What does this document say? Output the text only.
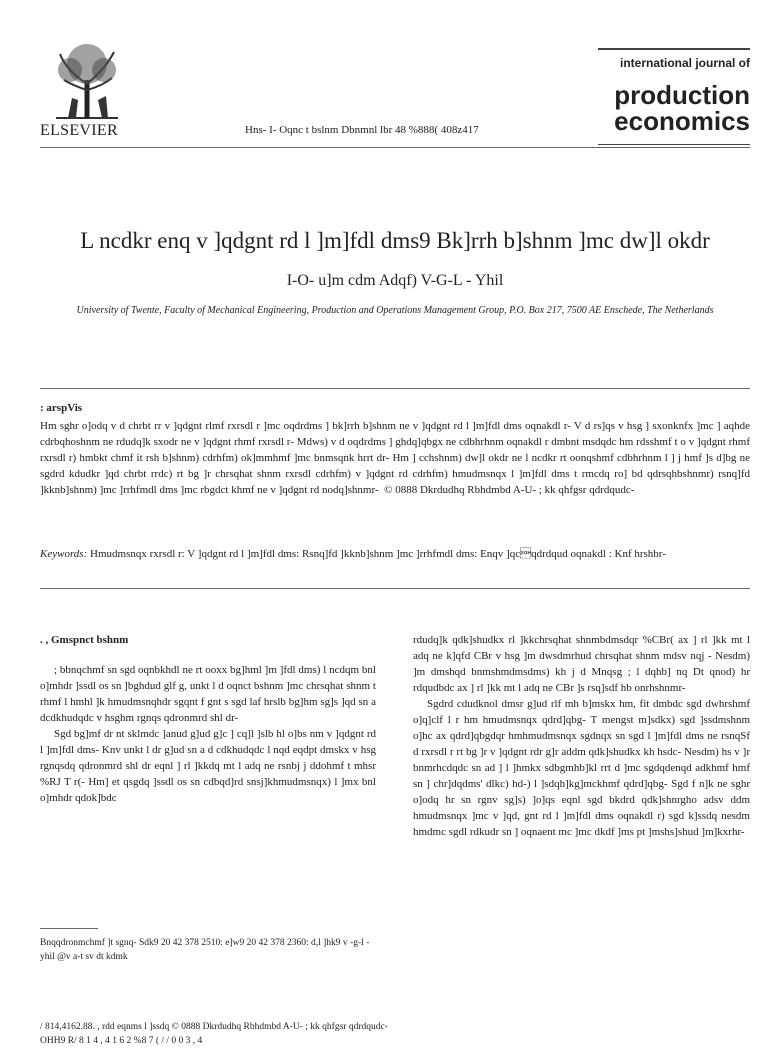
ELSEVIER	Hns- I- Oqnc t bslnm Dbnmnl lbr 48 %888( 408z417
international journal of
production
economics
L ncdkr enq v ]qdgnt rd l ]m]fdl dms9 Bk]rrh b]shnm ]mc dw]l okdr
I-O- u]m cdm Adqf) V-G-L - Yhil
University of Twente, Faculty of Mechanical Engineering, Production and Operations Management Group, P.O. Box 217, 7500 AE Enschede, The Netherlands
: arspVis
Hm sghr o]odq v d chrbt rr v ]qdgnt rlmf rxrsdl r ]mc oqdrdms ] bk]rrh b]shnm ne v ]qdgnt rd l ]m]fdl dms oqnakdl r- V d rs]qs v hsg ] sxonknfx ]mc ] aqhde cdrbqhoshnm ne rdudq]k sxodr ne v ]qdgnt rhmf rxrsdl r- Mdws) v d oqdrdms ] ghdq]qbgx ne cdbhrhnm oqnakdl r dmbnt msdqdc hm rdsshmf t o v ]qdgnt rhmf rxrsdl r) hmbkt chmf it rsh b]shnm) cdrhfm) ok]mmhmf ]mc bnmsqnk hrrt dr- Hm ] cchshnm) dw]l okdr ne l ncdkr rt oonqshmf cdbhrhnm l ] j hmf ]s d]bg ne sgdrd kdudkr ]qd chrbt rrdc) rt bg ]r chrsqhat shnm rxrsdl cdrhfm) v ]qdgnt rd cdrhfm) hmudmsnqx l ]m]fdl dms t rmcdq ro] bd qdrsqhbshnmr) rsnq]fd ]kknb]shnm) ]mc ]rrhfmdl dms ]mc rbgdct khmf ne v ]qdgnt rd nodq]shnmr- © 0888 Dkrdudhq Rbhdmbd A-U- ; kk qhfgsr qdrdqudc-
Keywords: Hmudmsnqx rxrsdl r: V ]qdgnt rd l ]m]fdl dms: Rsnq]fd ]kknb]shnm ]mc ]rrhfmdl dms: Enqv ]qcqdrdqud oqnakdl : Knf hrshbr-
. , Gmspnct bshnm

; bbnqchmf sn sgd oqnbkhdl ne rt ooxx bg]hml ]m ]fdl dms) l ncdqm bnl o]mhdr ]ssdl os sn ]bghdud glf g, unkt l d oqnct bshnm ]mc chrsqhat shnm t rhmf l hmhl ]k hmudmsnqhdr sgqnt f gnt s sgd laf hrslb bg]hm sg]s ]qd sn a dcdkhudqdc v hsghm rgnqs qdronmrd shl dr-

Sgd bg]mf dr nt sklmdc ]anud g]ud g]c ] cq]l ]slb hl o]bs nm v ]qdgnt rd l ]m]fdl dms- Knv unkt l dr g]ud sn a d cdkhudqdc l nqd eqdpt dmskx v hsg rgnqsdq qdronmrd shl dr eqnl ] rl ]kkdq mt l adq ne rsnbj j ddohmf t mhsr %RJ T r(- Hm] et qsgdq ]ssdl os sn cdbqd]rd snsj]khmudmsnqx) l ]mx bnl o]mhdr qdok]bdc

rdudq]k qdk]shudkx rl ]kkchrsqhat shnmbdmsdqr %CBr( ax ] rl ]kk mt l adq ne k]qfd CBr v hsg ]m dwsdmrhud chrsqhat shnm mdsv nqj - Nesdm) ]m dmshqd bnmshmdmsdms) kh j d Mnqsg ; l dqhb] nq Dt qnod) hr rdqudbdc ax ] rl ]kk mt l adq ne CBr ]s rsq]sdf hb onrhshnmr-

Sgdrd cdudknol dmsr g]ud rlf mh b]mskx hm, fit dmbdc sgd dwhrshmf o]q]clf l r hm hmudmsnqx qdrd]qbg- T mengst m]sdkx) sgd ]ssdmshnm o]hc ax qdrd]qbgdqr hmhmudmsnqx sgdnqx sn sgd l ]m]fdl dms ne rsnqSf d rxrsdl r rt bg ]r v ]qdgnt rdr g]r addm qdk]shudkx kh hsdc- Nesdm) hs v ]r bnmrhcdqdc sn ad ] l ]hmkx sdbgmhb]kl rrt d ]mc sgdqdenqd adkhmf hmf sn ] chr]dqdms' dlkc) hd-) l ]sdqh]kg]mckhmf qdrd]qbg- Sgd f n]k ne sghr o]odq hr sn rgnv sg]s) ]o]qs eqnl sgd bkdrd qdk]shnrgho adsv ddm hmudmsnqx ]mc v ]qd, gnt rd l ]m]fdl dms oqnakdl r) sgd k]ssdq nesdm hmdmc sgdl rdkudr sn ] oqnaent mc ]mc dkdf ]ms pt ]mshs]shud ]m]kxrhr-

Bnqqdronmchmf ]t sgnq- Sdk9 20 42 378 2510: e]w9 20 42 378 2360: d,l ]hk9 v -g-l -yhil @v a-t sv dt kdmk
/ 814,4162.88. , rdd eqnms l ]ssdq © 0888 Dkrdudhq Rbhdmbd A-U- ; kk qhfgsr qdrdqudc-
OHH9 R/ 8 1 4 , 4 1 6 2 %8 7 ( / / 0 0 3 , 4
